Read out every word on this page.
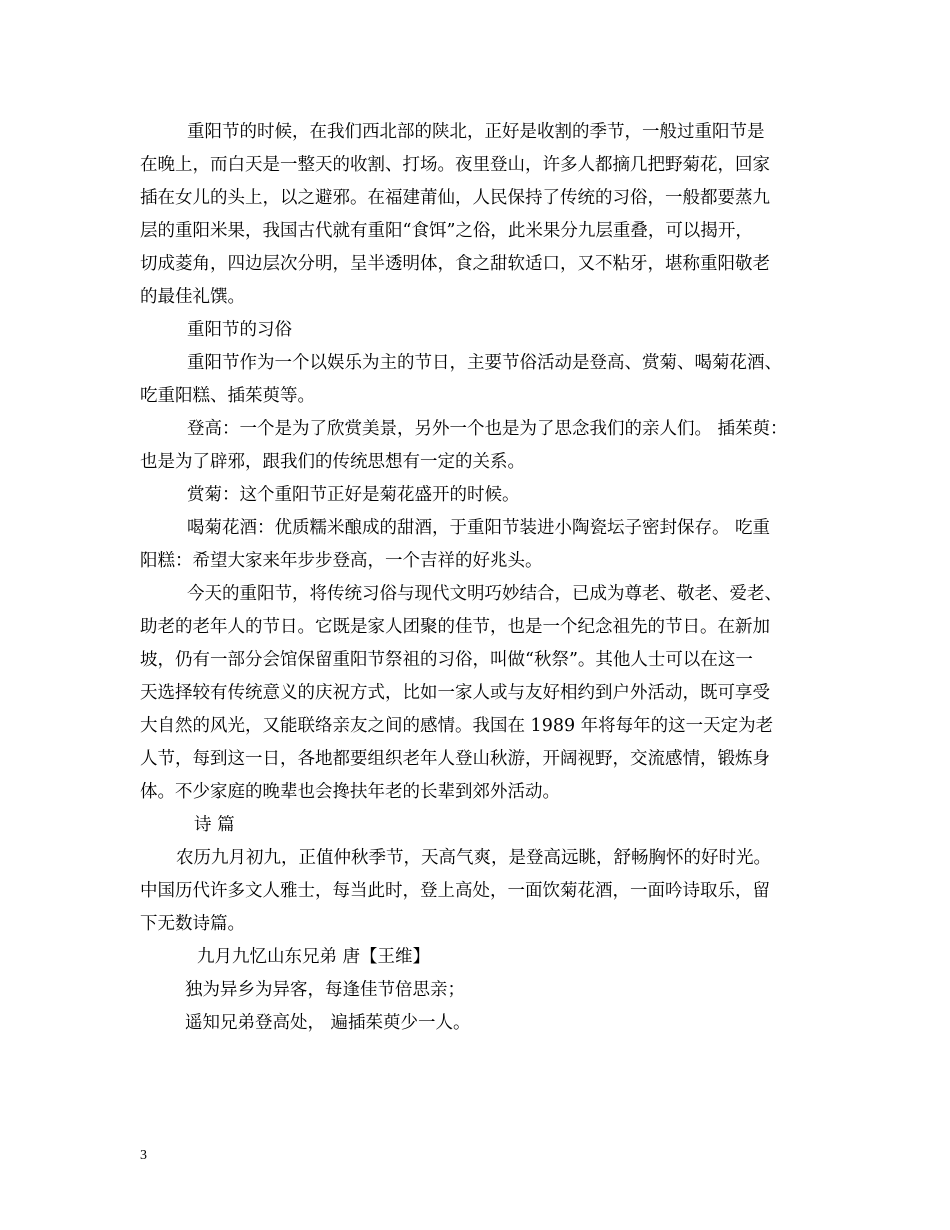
重阳节的时候，在我们西北部的陕北，正好是收割的季节，一般过重阳节是

在晚上，而白天是一整天的收割、打场。夜里登山，许多人都摘几把野菊花，回家

插在女儿的头上，以之避邪。在福建莆仙，人民保持了传统的习俗，一般都要蒸九

层的重阳米果，我国古代就有重阳“食饵”之俗，此米果分九层重叠，可以揭开，

切成菱角，四边层次分明，呈半透明体，食之甜软适口，又不粘牙，堪称重阳敬老

的最佳礼馔。

重阳节的习俗

重阳节作为一个以娱乐为主的节日，主要节俗活动是登高、赏菊、喝菊花酒、

吃重阳糕、插茱萸等。

登高：一个是为了欣赏美景，另外一个也是为了思念我们的亲人们。 插茱萸：

也是为了辟邪，跟我们的传统思想有一定的关系。

赏菊：这个重阳节正好是菊花盛开的时候。

喝菊花酒：优质糯米酿成的甜酒，于重阳节装进小陶瓷坛子密封保存。 吃重

阳糕：希望大家来年步步登高，一个吉祥的好兆头。

今天的重阳节，将传统习俗与现代文明巧妙结合，已成为尊老、敬老、爱老、

助老的老年人的节日。它既是家人团聚的佳节，也是一个纪念祖先的节日。在新加

坡，仍有一部分会馆保留重阳节祭祖的习俗，叫做“秋祭”。其他人士可以在这一

天选择较有传统意义的庆祝方式，比如一家人或与友好相约到户外活动，既可享受

大自然的风光，又能联络亲友之间的感情。我国在 1989 年将每年的这一天定为老

人节，每到这一日，各地都要组织老年人登山秋游，开阔视野，交流感情，锻炼身

体。不少家庭的晚辈也会搀扶年老的长辈到郊外活动。

诗 篇

农历九月初九，正值仲秋季节，天高气爽，是登高远眺，舒畅胸怀的好时光。

中国历代许多文人雅士，每当此时，登上高处，一面饮菊花酒，一面吟诗取乐，留

下无数诗篇。

九月九忆山东兄弟 唐【王维】

独为异乡为异客，每逢佳节倍思亲；

遥知兄弟登高处， 遍插茱萸少一人。

3
